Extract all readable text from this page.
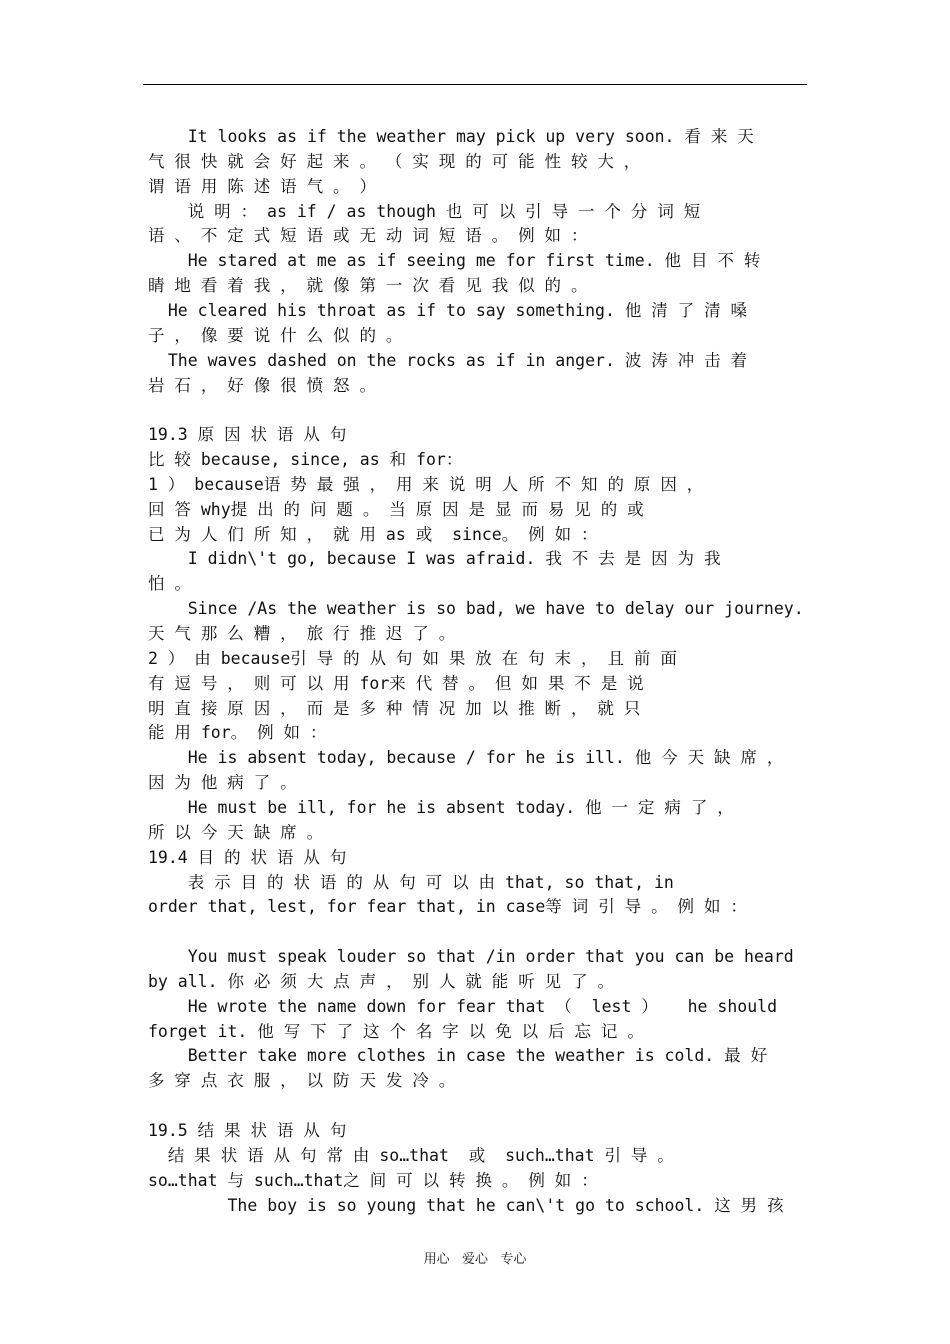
It looks as if the weather may pick up very soon. 看 来 天
气 很 快 就 会 好 起 来 。 （ 实 现 的 可 能 性 较 大 ，
谓 语 用 陈 述 语 气 。 ）
说 明 ： as if / as though 也 可 以 引 导 一 个 分 词 短
语 、 不 定 式 短 语 或 无 动 词 短 语 。 例 如 ：
He stared at me as if seeing me for first time. 他 目 不 转
睛 地 看 着 我 ， 就 像 第 一 次 看 见 我 似 的 。
He cleared his throat as if to say something. 他 清 了 清 嗓
子 ， 像 要 说 什 么 似 的 。
The waves dashed on the rocks as if in anger. 波 涛 冲 击 着
岩 石 ， 好 像 很 愤 怒 。
19.3 原 因 状 语 从 句
比 较 because, since, as 和 for：
1 ） because语 势 最 强 ， 用 来 说 明 人 所 不 知 的 原 因 ，
回 答 why提 出 的 问 题 。 当 原 因 是 显 而 易 见 的 或
已 为 人 们 所 知 ， 就 用 as 或  since。 例 如 ：
I didn\'t go, because I was afraid. 我 不 去 是 因 为 我
怕 。
Since /As the weather is so bad, we have to delay our journey.
天 气 那 么 糟 ， 旅 行 推 迟 了 。
2 ） 由 because引 导 的 从 句 如 果 放 在 句 末 ， 且 前 面
有 逗 号 ， 则 可 以 用 for来 代 替 。 但 如 果 不 是 说
明 直 接 原 因 ， 而 是 多 种 情 况 加 以 推 断 ， 就 只
能 用 for。 例 如 ：
He is absent today, because / for he is ill. 他 今 天 缺 席 ，
因 为 他 病 了 。
He must be ill, for he is absent today. 他 一 定 病 了 ，
所 以 今 天 缺 席 。
19.4 目 的 状 语 从 句
表 示 目 的 状 语 的 从 句 可 以 由 that, so that, in
order that, lest, for fear that, in case等 词 引 导 。 例 如 ：
You must speak louder so that /in order that you can be heard
by all. 你 必 须 大 点 声 ， 别 人 就 能 听 见 了 。
He wrote the name down for fear that （  lest ）   he should
forget it. 他 写 下 了 这 个 名 字 以 免 以 后 忘 记 。
Better take more clothes in case the weather is cold. 最 好
多 穿 点 衣 服 ， 以 防 天 发 冷 。
19.5 结 果 状 语 从 句
结 果 状 语 从 句 常 由 so…that  或  such…that 引 导 。
so…that 与 such…that之 间 可 以 转 换 。 例 如 ：
The boy is so young that he can\'t go to school. 这 男 孩
用心   爱心   专心
